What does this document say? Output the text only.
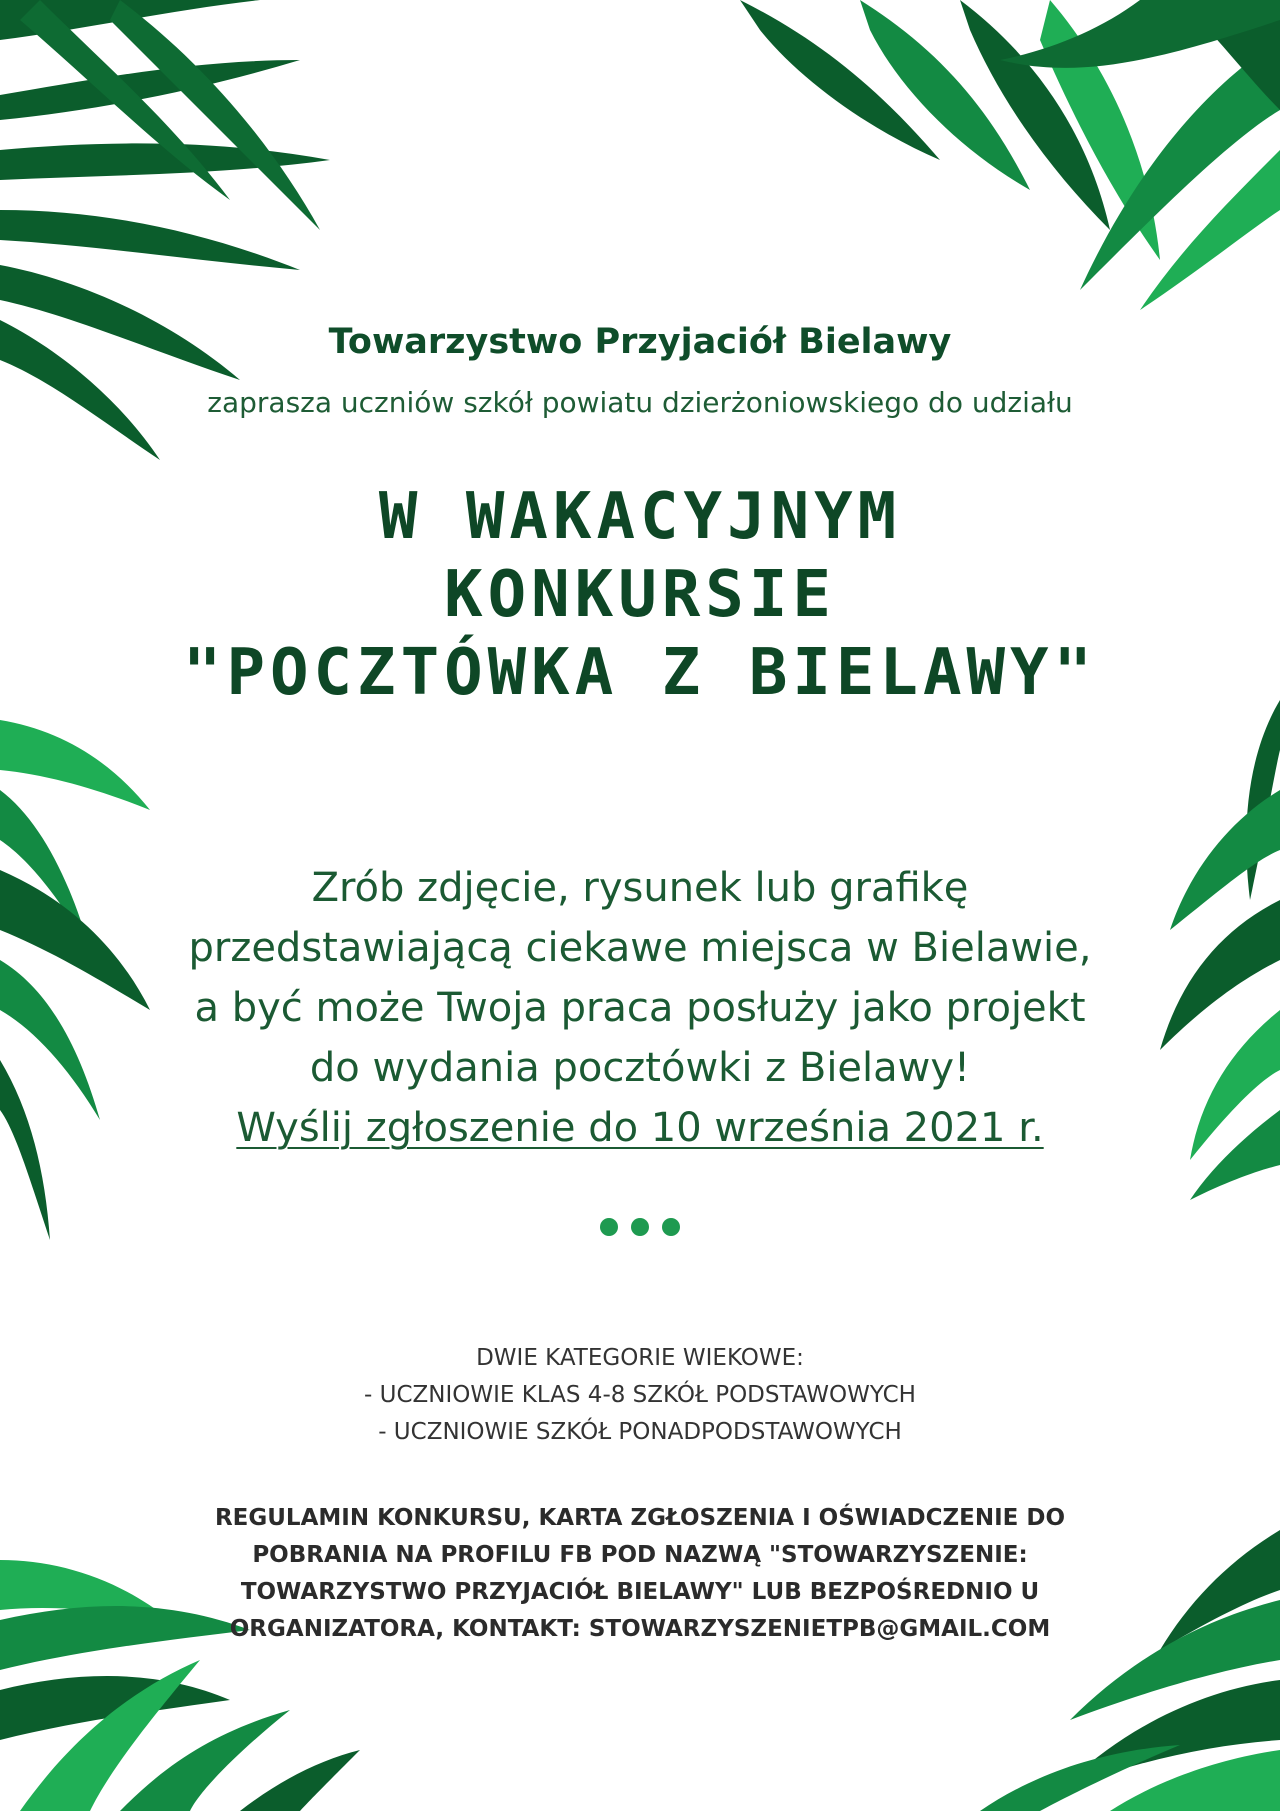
Towarzystwo Przyjaciół Bielawy

zaprasza uczniów szkół powiatu dzierżoniowskiego do udziału

W WAKACYJNYM
KONKURSIE
"POCZTÓWKA Z BIELAWY"
Zrób zdjęcie, rysunek lub grafikę
przedstawiającą ciekawe miejsca w Bielawie,
a być może Twoja praca posłuży jako projekt
do wydania pocztówki z Bielawy!
Wyślij zgłoszenie do 10 września 2021 r.
DWIE KATEGORIE WIEKOWE:
- UCZNIOWIE KLAS 4-8 SZKÓŁ PODSTAWOWYCH
- UCZNIOWIE SZKÓŁ PONADPODSTAWOWYCH
REGULAMIN KONKURSU, KARTA ZGŁOSZENIA I OŚWIADCZENIE DO
POBRANIA NA PROFILU FB POD NAZWĄ "STOWARZYSZENIE:
TOWARZYSTWO PRZYJACIÓŁ BIELAWY" LUB BEZPOŚREDNIO U
ORGANIZATORA, KONTAKT: STOWARZYSZENIETPB@GMAIL.COM
